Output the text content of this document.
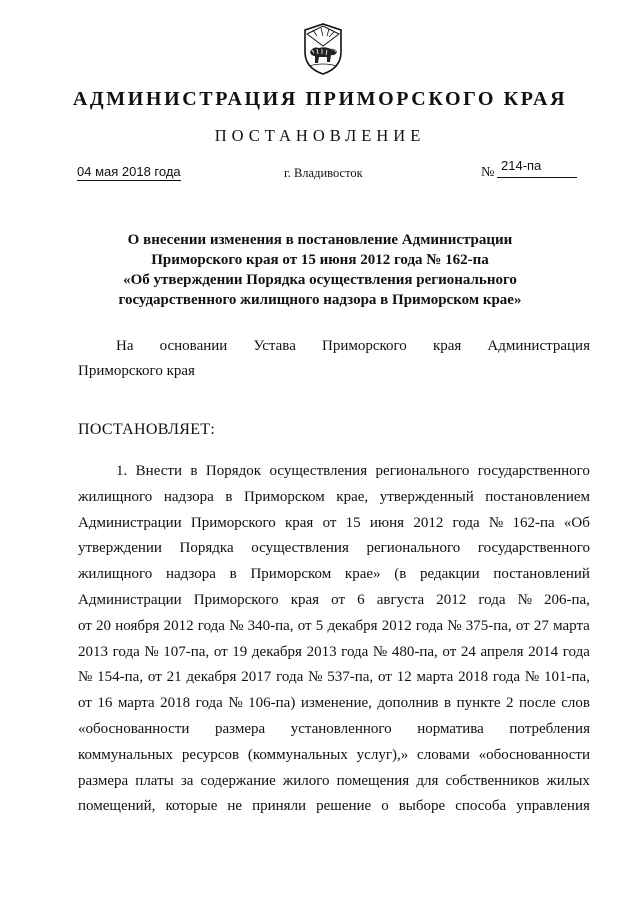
АДМИНИСТРАЦИЯ ПРИМОРСКОГО КРАЯ
ПОСТАНОВЛЕНИЕ
04 мая 2018 года	г. Владивосток	№ 214-па
О внесении изменения в постановление Администрации
Приморского края от 15 июня 2012 года № 162-па
«Об утверждении Порядка осуществления регионального
государственного жилищного надзора в Приморском крае»
На основании Устава Приморского края Администрация
Приморского края
ПОСТАНОВЛЯЕТ:
1. Внести в Порядок осуществления регионального государственного
жилищного надзора в Приморском крае, утвержденный постановлением
Администрации Приморского края от 15 июня 2012 года № 162-па «Об
утверждении Порядка осуществления регионального государственного
жилищного надзора в Приморском крае» (в редакции постановлений
Администрации Приморского края от 6 августа 2012 года № 206-па,
от 20 ноября 2012 года № 340-па, от 5 декабря 2012 года № 375-па, от 27 марта
2013 года № 107-па, от 19 декабря 2013 года № 480-па, от 24 апреля 2014 года
№ 154-па, от 21 декабря 2017 года № 537-па, от 12 марта 2018 года № 101-па,
от 16 марта 2018 года № 106-па) изменение, дополнив в пункте 2 после слов
«обоснованности размера установленного норматива потребления
коммунальных ресурсов (коммунальных услуг),» словами «обоснованности
размера платы за содержание жилого помещения для собственников жилых
помещений, которые не приняли решение о выборе способа управления
